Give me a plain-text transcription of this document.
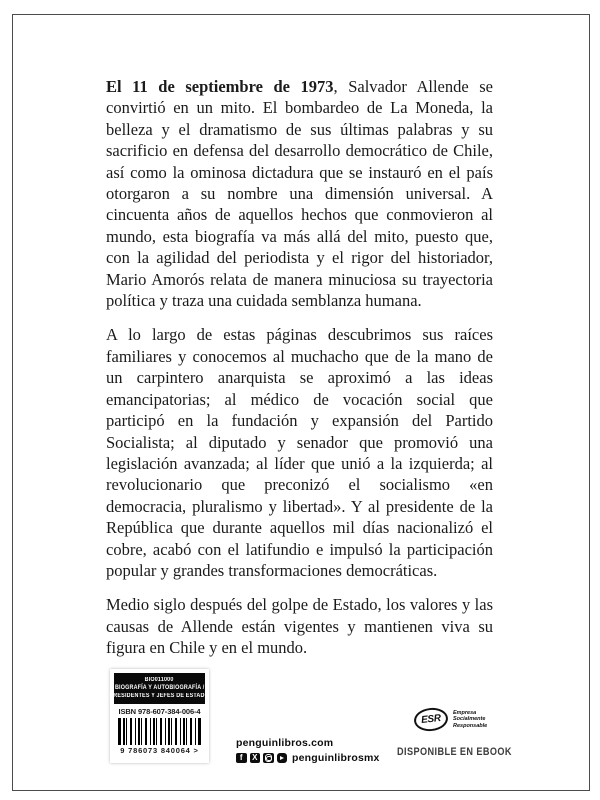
El 11 de septiembre de 1973, Salvador Allende se convirtió en un mito. El bombardeo de La Moneda, la belleza y el dramatismo de sus últimas palabras y su sacrificio en defensa del desarrollo democrático de Chile, así como la ominosa dictadura que se instauró en el país otorgaron a su nombre una dimensión universal. A cincuenta años de aquellos hechos que conmovieron al mundo, esta biografía va más allá del mito, puesto que, con la agilidad del periodista y el rigor del historiador, Mario Amorós relata de manera minuciosa su trayectoria política y traza una cuidada semblanza humana.

A lo largo de estas páginas descubrimos sus raíces familiares y conocemos al muchacho que de la mano de un carpintero anarquista se aproximó a las ideas emancipatorias; al médico de vocación social que participó en la fundación y expansión del Partido Socialista; al diputado y senador que promovió una legislación avanzada; al líder que unió a la izquierda; al revolucionario que preconizó el socialismo «en democracia, pluralismo y libertad». Y al presidente de la República que durante aquellos mil días nacionalizó el cobre, acabó con el latifundio e impulsó la participación popular y grandes transformaciones democráticas.

Medio siglo después del golpe de Estado, los valores y las causas de Allende están vigentes y mantienen viva su figura en Chile y en el mundo.

BIO011000
BIOGRAFÍA Y AUTOBIOGRAFÍA /
PRESIDENTES Y JEFES DE ESTADO
ISBN 978-607-384-006-4
9 786073 840064 >
penguinlibros.com
f	X	penguinlibrosmx
ESR
Empresa
Socialmente
Responsable
DISPONIBLE EN EBOOK
